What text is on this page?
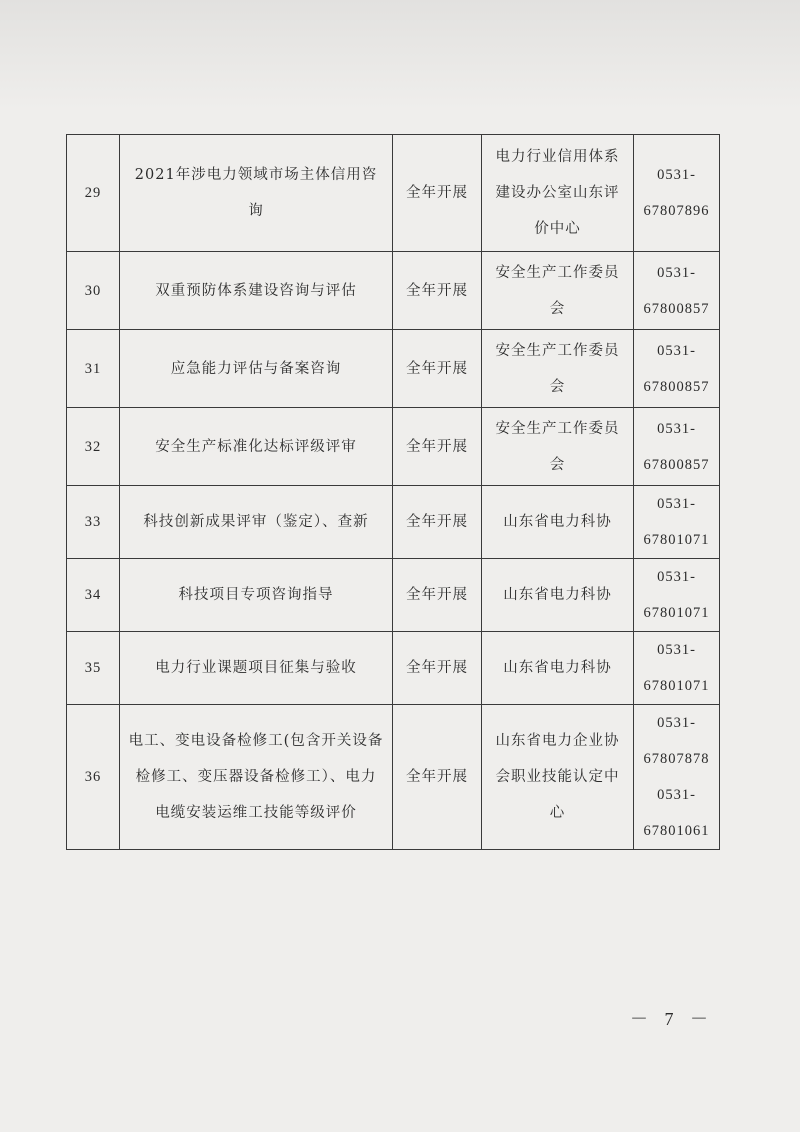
29	2021年涉电力领域市场主体信用咨
询	全年开展	电力行业信用体系
建设办公室山东评
价中心	0531-67807896

30	双重预防体系建设咨询与评估	全年开展	安全生产工作委员
会	0531-67800857

31	应急能力评估与备案咨询	全年开展	安全生产工作委员
会	0531-67800857

32	安全生产标准化达标评级评审	全年开展	安全生产工作委员
会	0531-67800857

33	科技创新成果评审（鉴定）、查新	全年开展	山东省电力科协	0531-67801071

34	科技项目专项咨询指导	全年开展	山东省电力科协	0531-67801071

35	电力行业课题项目征集与验收	全年开展	山东省电力科协	0531-67801071

36	电工、变电设备检修工(包含开关设备
检修工、变压器设备检修工）、电力
电缆安装运维工技能等级评价	全年开展	山东省电力企业协
会职业技能认定中
心	0531-67807878
0531-67801061
－ 7 －
